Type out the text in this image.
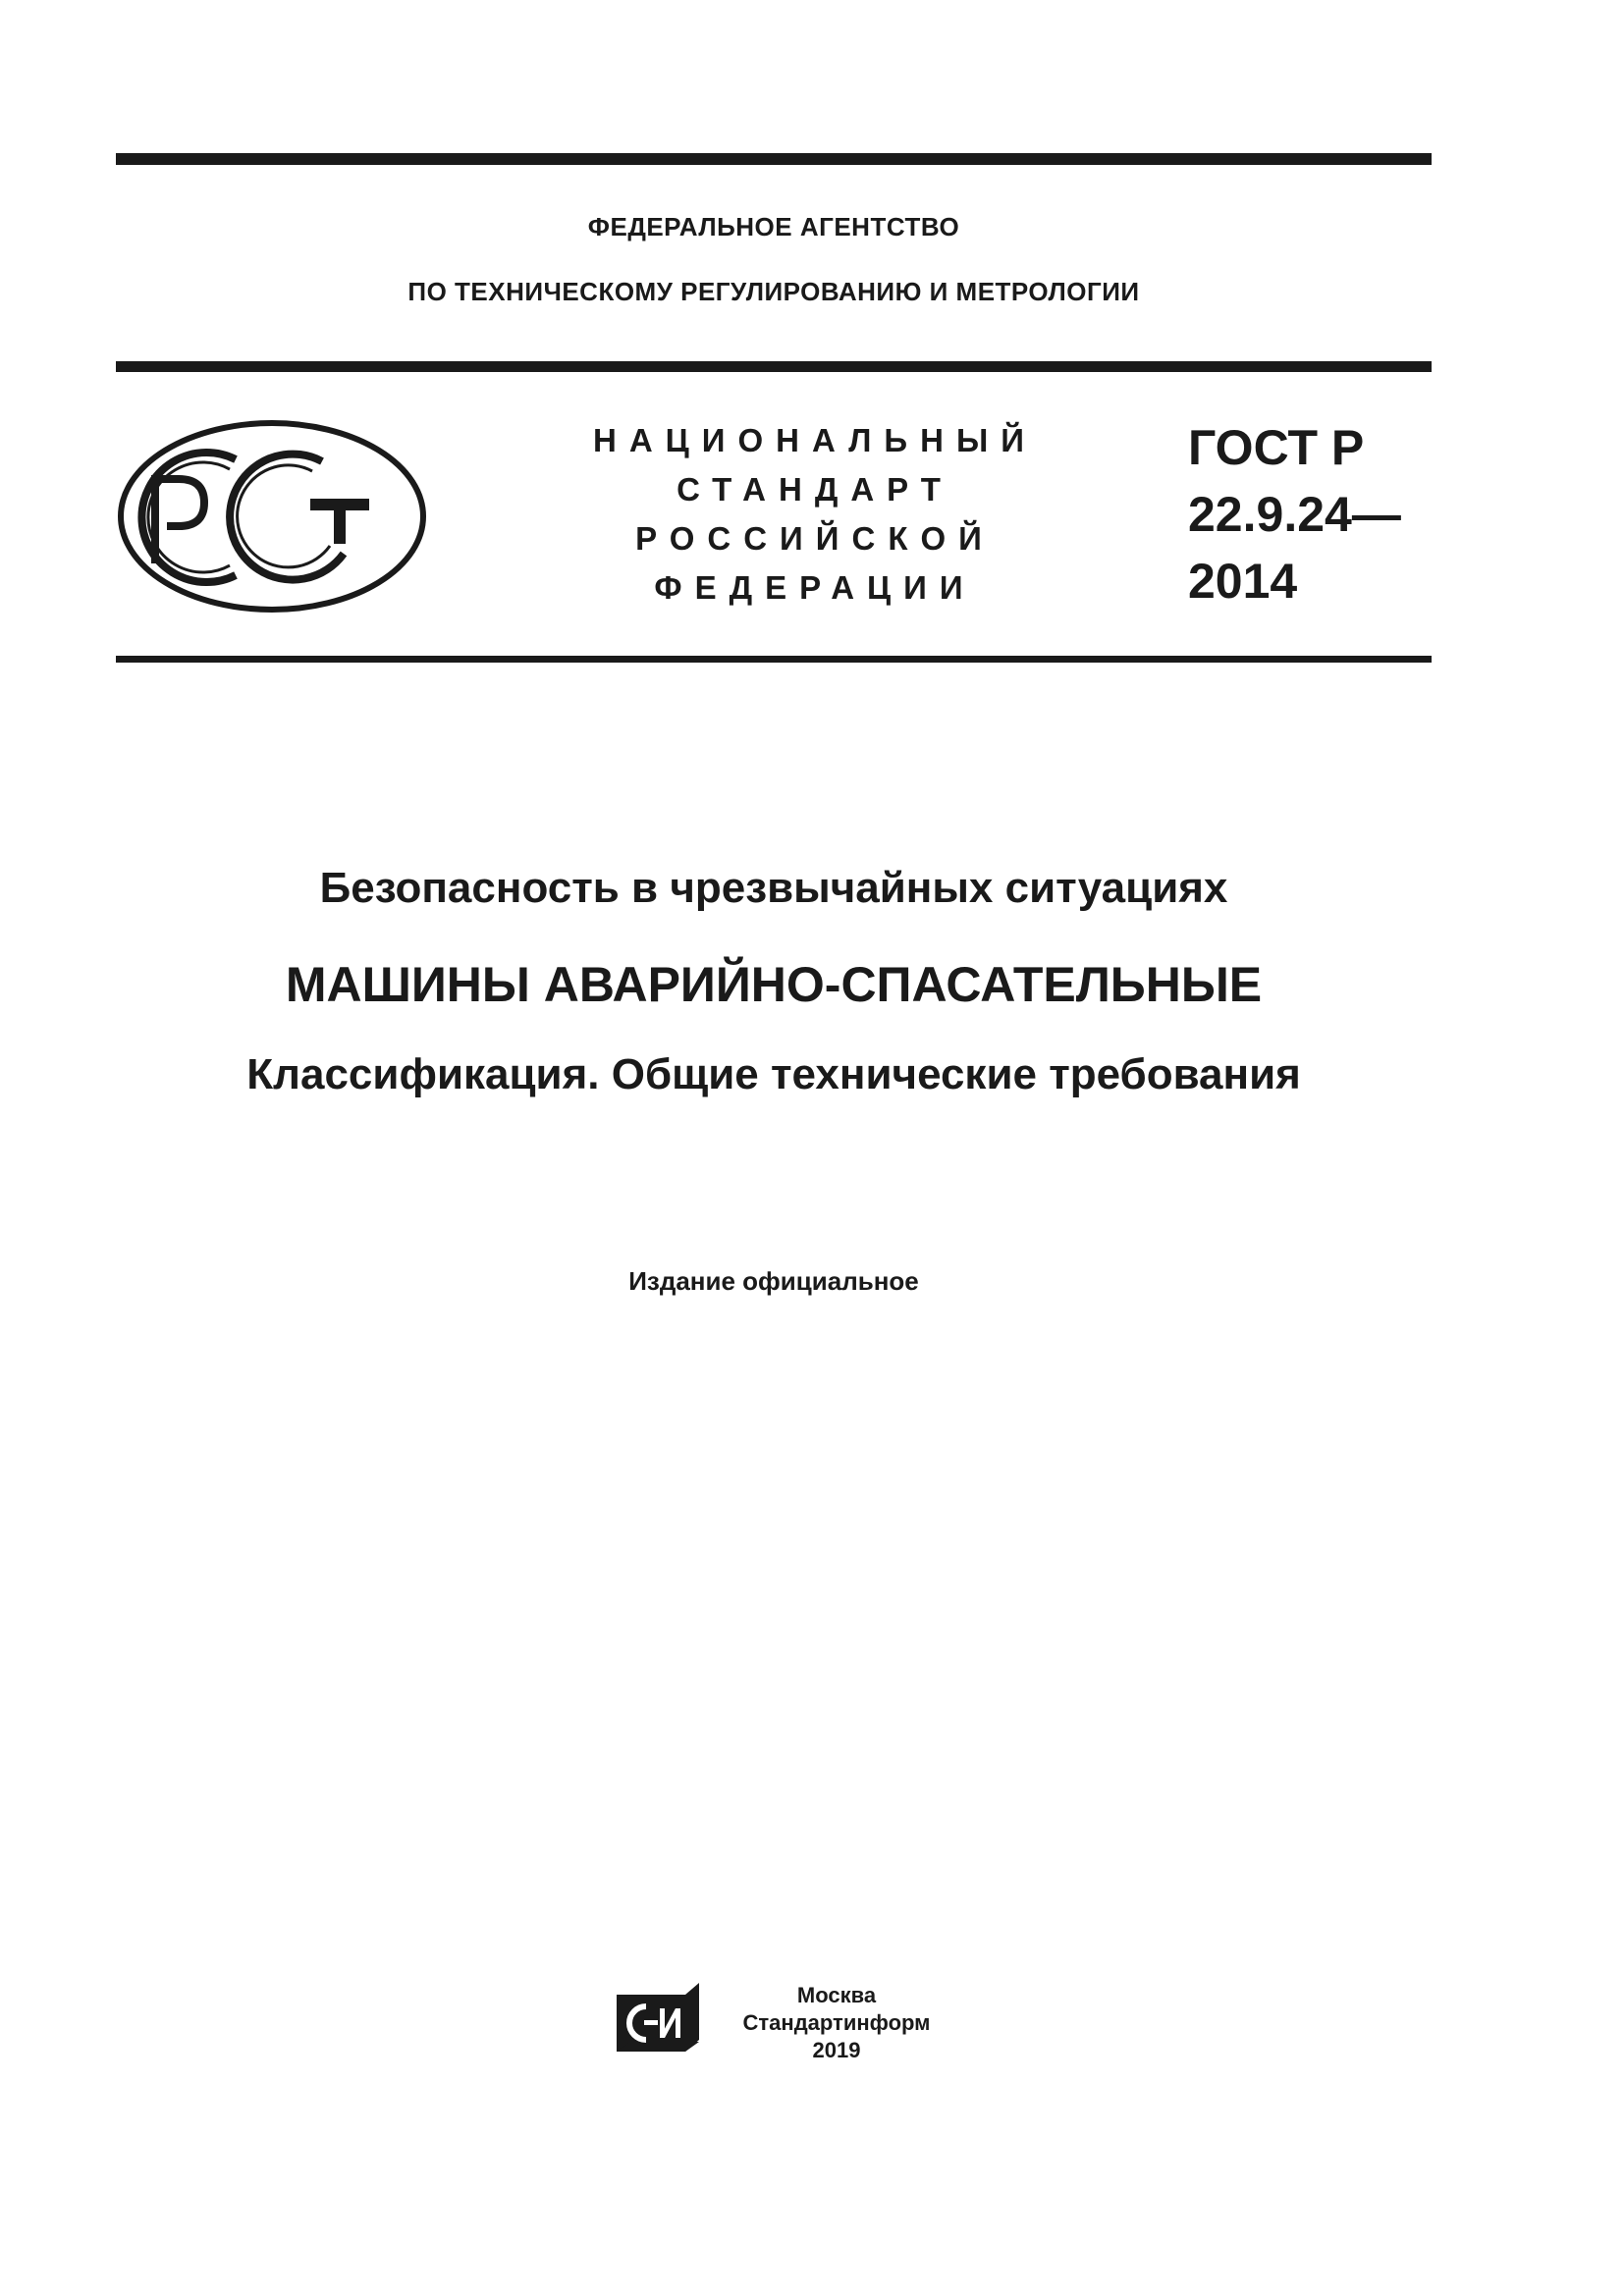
ФЕДЕРАЛЬНОЕ АГЕНТСТВО
ПО ТЕХНИЧЕСКОМУ РЕГУЛИРОВАНИЮ И МЕТРОЛОГИИ
НАЦИОНАЛЬНЫЙ
СТАНДАРТ
РОССИЙСКОЙ
ФЕДЕРАЦИИ
ГОСТ Р
22.9.24—
2014
Безопасность в чрезвычайных ситуациях
МАШИНЫ АВАРИЙНО-СПАСАТЕЛЬНЫЕ
Классификация. Общие технические требования
Издание официальное
Москва
Стандартинформ
2019
